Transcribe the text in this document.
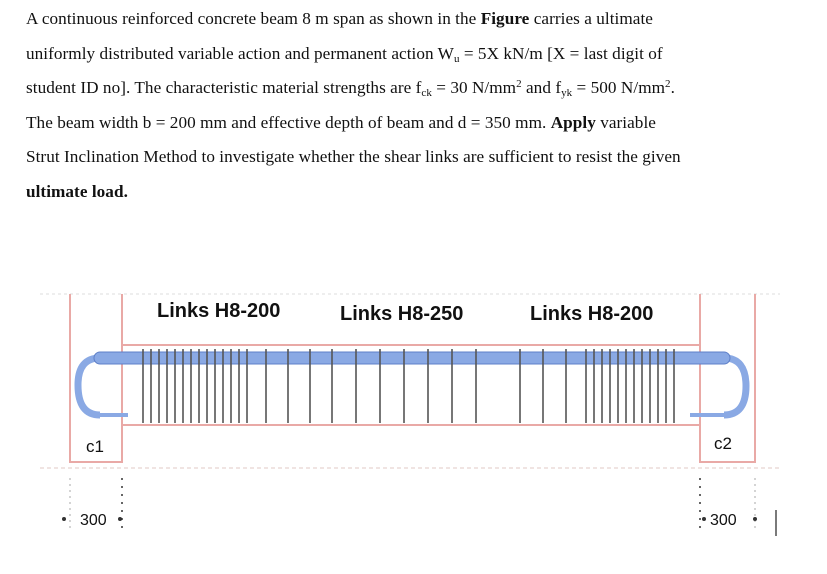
A continuous reinforced concrete beam 8 m span as shown in the Figure carries a ultimate
uniformly distributed variable action and permanent action $W_u = 5X$ kN/m [X = last digit of
student ID no]. The characteristic material strengths are $f_{ck} = 30$ $N/mm^2$ and $f_{yk} = 500$ $N/mm^2$.
The beam width b = 200 mm and effective depth of beam and d = 350 mm. Apply variable
Strut Inclination Method to investigate whether the shear links are sufficient to resist the given
ultimate load.
Links H8-200	Links H8-250	Links H8-200
c1	c2
300	300
